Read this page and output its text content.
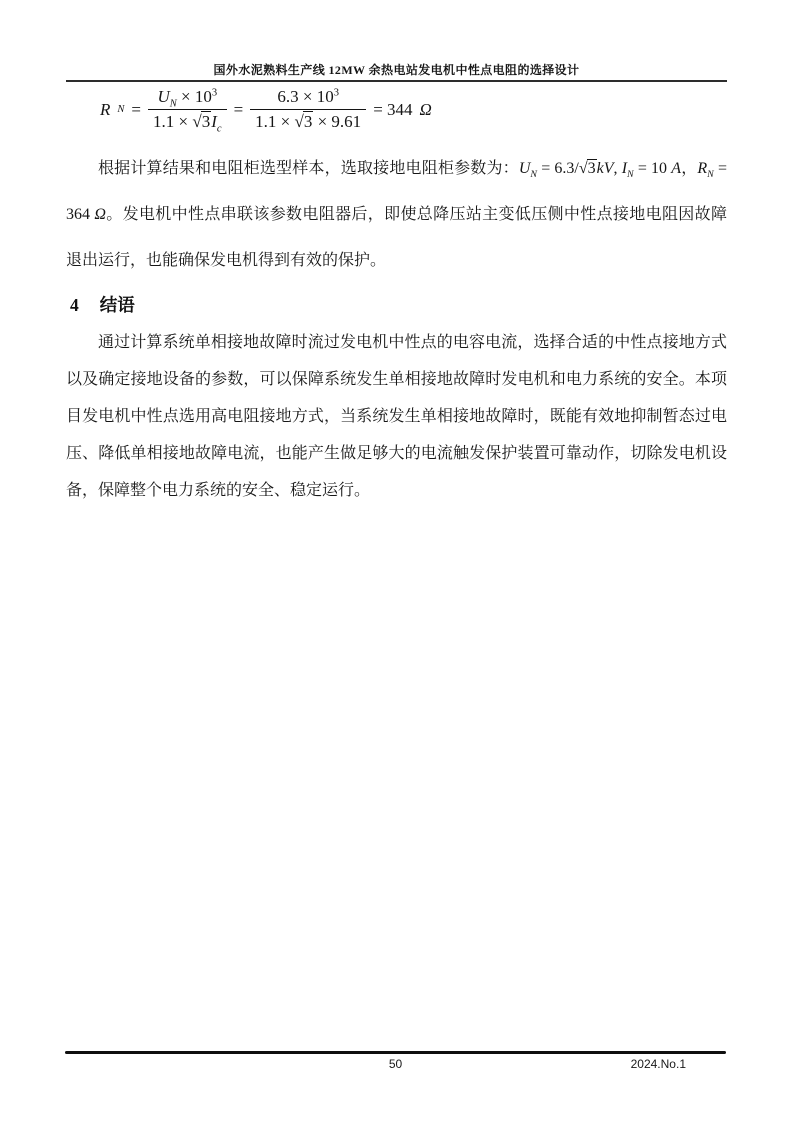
国外水泥熟料生产线 12MW 余热电站发电机中性点电阻的选择设计
R $N = \frac{U_N \times 10^3}{1.1 \times √3I_c} = \frac{6.3 \times 10^3}{1.1 \times √3 \times 9.61} = 344$ Ω

根据计算结果和电阻柜选型样本，选取接地电阻柜参数为：$U_N = 6.3/√3kV$, $I_N = 10$ A，$R_N = 364$ Ω。发电机中性点串联该参数电阻器后，即使总降压站主变低压侧中性点接地电阻因故障退出运行，也能确保发电机得到有效的保护。

4 结语

通过计算系统单相接地故障时流过发电机中性点的电容电流，选择合适的中性点接地方式以及确定接地设备的参数，可以保障系统发生单相接地故障时发电机和电力系统的安全。本项目发电机中性点选用高电阻接地方式，当系统发生单相接地故障时，既能有效地抑制暂态过电压、降低单相接地故障电流，也能产生做足够大的电流触发保护装置可靠动作，切除发电机设备，保障整个电力系统的安全、稳定运行。

50	2024.No.1
